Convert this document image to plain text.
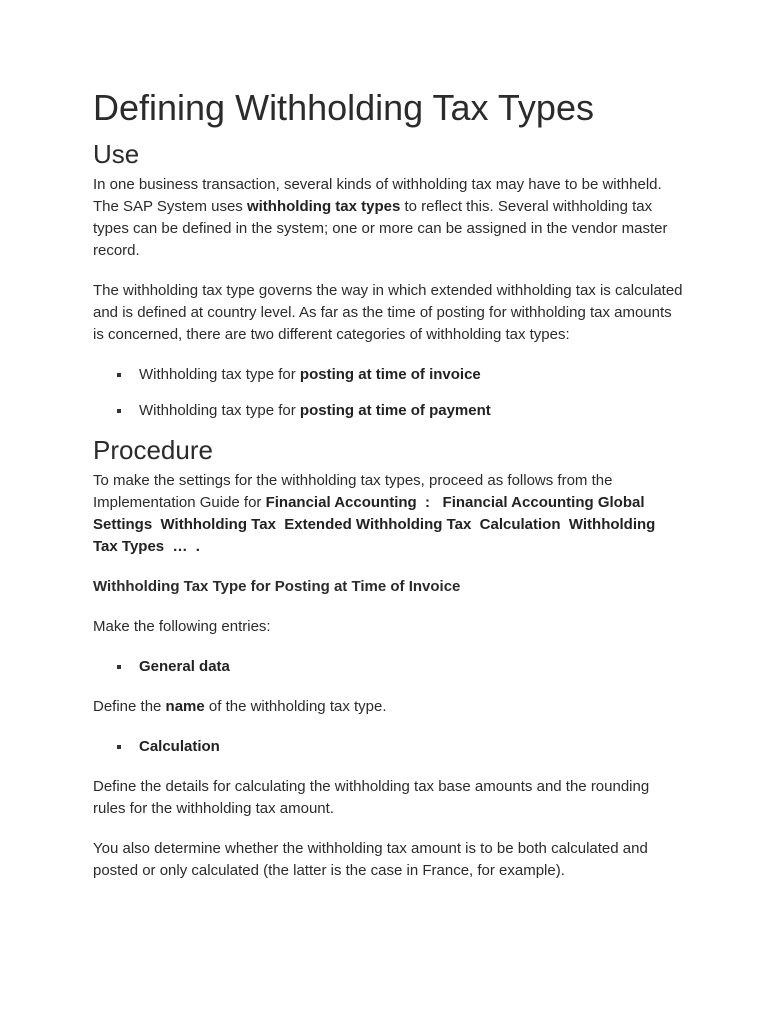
Defining Withholding Tax Types
Use

In one business transaction, several kinds of withholding tax may have to be withheld. The SAP System uses withholding tax types to reflect this. Several withholding tax types can be defined in the system; one or more can be assigned in the vendor master record.

The withholding tax type governs the way in which extended withholding tax is calculated and is defined at country level. As far as the time of posting for withholding tax amounts is concerned, there are two different categories of withholding tax types:

Withholding tax type for posting at time of invoice
Withholding tax type for posting at time of payment
Procedure

To make the settings for the withholding tax types, proceed as follows from the Implementation Guide for Financial Accounting  :   Financial Accounting Global Settings  Withholding Tax  Extended Withholding Tax  Calculation  Withholding Tax Types  …  .

Withholding Tax Type for Posting at Time of Invoice

Make the following entries:

General data

Define the name of the withholding tax type.

Calculation

Define the details for calculating the withholding tax base amounts and the rounding rules for the withholding tax amount.

You also determine whether the withholding tax amount is to be both calculated and posted or only calculated (the latter is the case in France, for example).
